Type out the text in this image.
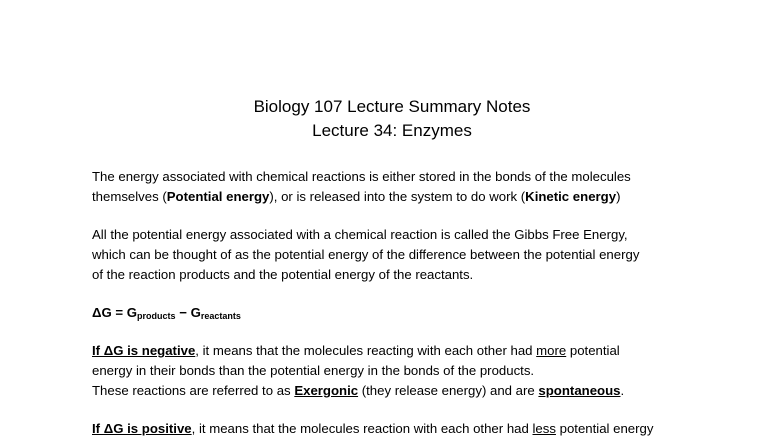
Biology 107 Lecture Summary Notes
Lecture 34: Enzymes
The energy associated with chemical reactions is either stored in the bonds of the molecules
themselves (Potential energy), or is released into the system to do work (Kinetic energy)
All the potential energy associated with a chemical reaction is called the Gibbs Free Energy,
which can be thought of as the potential energy of the difference between the potential energy
of the reaction products and the potential energy of the reactants.
$\Delta G = G_{products} - G_{reactants}$
If ΔG is negative, it means that the molecules reacting with each other had more potential
energy in their bonds than the potential energy in the bonds of the products.
These reactions are referred to as Exergonic (they release energy) and are spontaneous.
If ΔG is positive, it means that the molecules reaction with each other had less potential energy
